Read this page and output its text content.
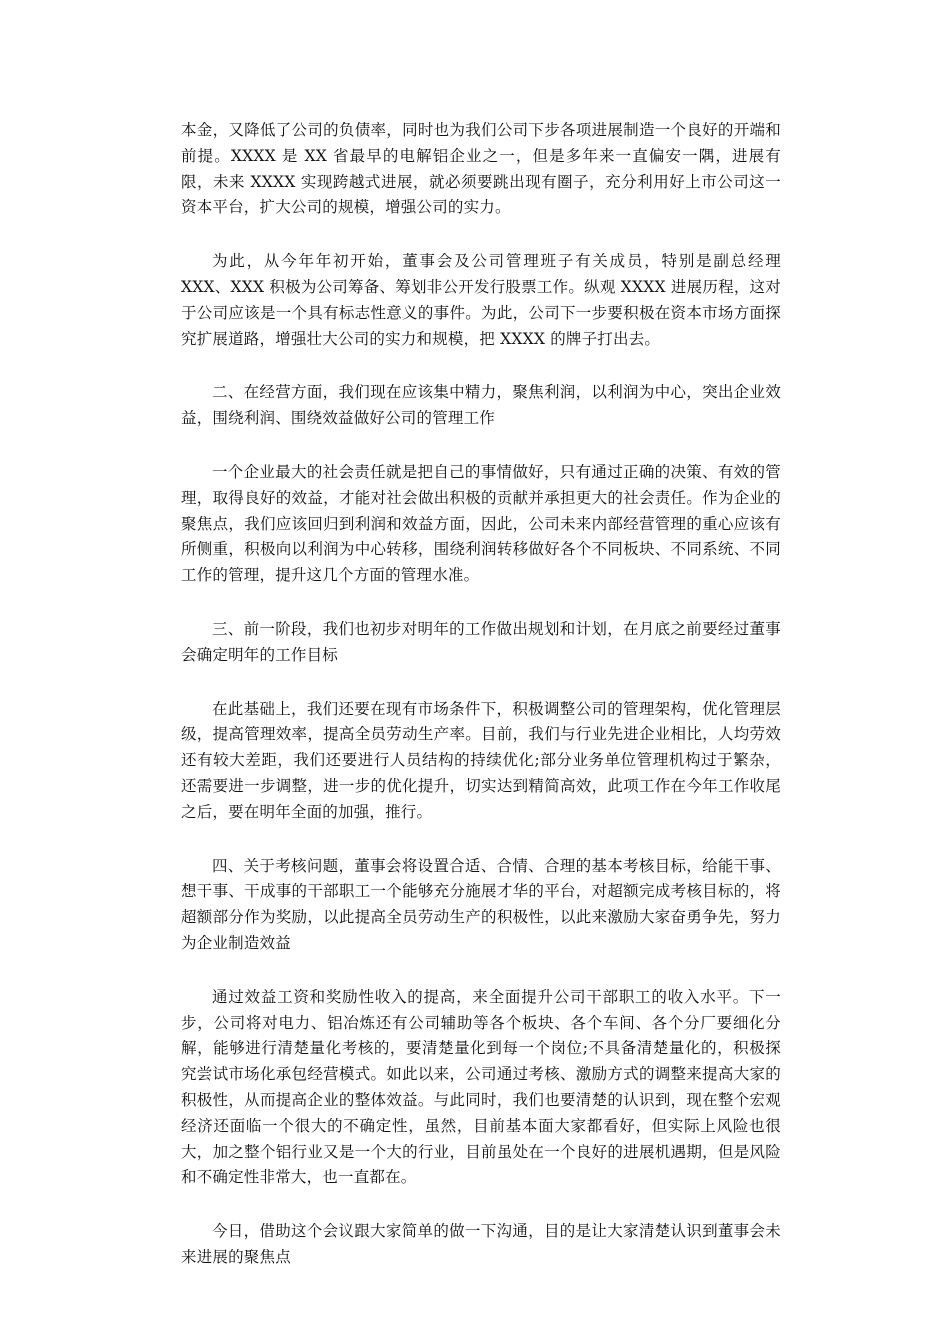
本金，又降低了公司的负债率，同时也为我们公司下步各项进展制造一个良好的开端和前提。XXXX 是 XX 省最早的电解铝企业之一，但是多年来一直偏安一隅，进展有限，未来 XXXX 实现跨越式进展，就必须要跳出现有圈子，充分利用好上市公司这一资本平台，扩大公司的规模，增强公司的实力。

为此，从今年年初开始，董事会及公司管理班子有关成员，特别是副总经理 XXX、XXX 积极为公司筹备、筹划非公开发行股票工作。纵观 XXXX 进展历程，这对于公司应该是一个具有标志性意义的事件。为此，公司下一步要积极在资本市场方面探究扩展道路，增强壮大公司的实力和规模，把 XXXX 的牌子打出去。

二、在经营方面，我们现在应该集中精力，聚焦利润，以利润为中心，突出企业效益，围绕利润、围绕效益做好公司的管理工作

一个企业最大的社会责任就是把自己的事情做好，只有通过正确的决策、有效的管理，取得良好的效益，才能对社会做出积极的贡献并承担更大的社会责任。作为企业的聚焦点，我们应该回归到利润和效益方面，因此，公司未来内部经营管理的重心应该有所侧重，积极向以利润为中心转移，围绕利润转移做好各个不同板块、不同系统、不同工作的管理，提升这几个方面的管理水准。

三、前一阶段，我们也初步对明年的工作做出规划和计划，在月底之前要经过董事会确定明年的工作目标

在此基础上，我们还要在现有市场条件下，积极调整公司的管理架构，优化管理层级，提高管理效率，提高全员劳动生产率。目前，我们与行业先进企业相比，人均劳效还有较大差距，我们还要进行人员结构的持续优化;部分业务单位管理机构过于繁杂，还需要进一步调整，进一步的优化提升，切实达到精简高效，此项工作在今年工作收尾之后，要在明年全面的加强，推行。

四、关于考核问题，董事会将设置合适、合情、合理的基本考核目标，给能干事、想干事、干成事的干部职工一个能够充分施展才华的平台，对超额完成考核目标的，将超额部分作为奖励，以此提高全员劳动生产的积极性，以此来激励大家奋勇争先，努力为企业制造效益

通过效益工资和奖励性收入的提高，来全面提升公司干部职工的收入水平。下一步，公司将对电力、铝冶炼还有公司辅助等各个板块、各个车间、各个分厂要细化分解，能够进行清楚量化考核的，要清楚量化到每一个岗位;不具备清楚量化的，积极探究尝试市场化承包经营模式。如此以来，公司通过考核、激励方式的调整来提高大家的积极性，从而提高企业的整体效益。与此同时，我们也要清楚的认识到，现在整个宏观经济还面临一个很大的不确定性，虽然，目前基本面大家都看好，但实际上风险也很大，加之整个铝行业又是一个大的行业，目前虽处在一个良好的进展机遇期，但是风险和不确定性非常大，也一直都在。

今日，借助这个会议跟大家简单的做一下沟通，目的是让大家清楚认识到董事会未来进展的聚焦点
